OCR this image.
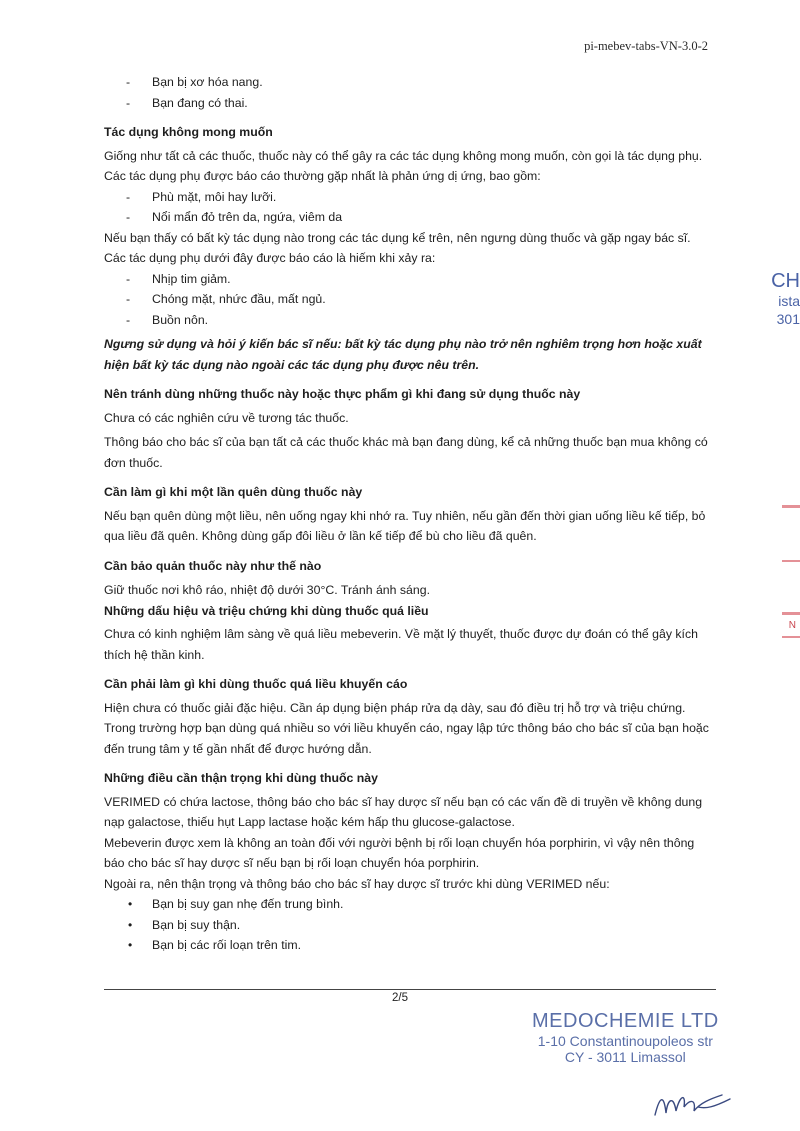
pi-mebev-tabs-VN-3.0-2
- Bạn bị xơ hóa nang.
- Bạn đang có thai.

Tác dụng không mong muốn

Giống như tất cả các thuốc, thuốc này có thể gây ra các tác dụng không mong muốn, còn gọi là tác dụng phụ.

Các tác dụng phụ được báo cáo thường gặp nhất là phản ứng dị ứng, bao gồm:

- Phù mặt, môi hay lưỡi.
- Nổi mẩn đỏ trên da, ngứa, viêm da

Nếu bạn thấy có bất kỳ tác dụng nào trong các tác dụng kể trên, nên ngưng dùng thuốc và gặp ngay bác sĩ.

Các tác dụng phụ dưới đây được báo cáo là hiếm khi xảy ra:

- Nhịp tim giảm.
- Chóng mặt, nhức đầu, mất ngủ.
- Buồn nôn.

Ngưng sử dụng và hỏi ý kiến bác sĩ nếu: bất kỳ tác dụng phụ nào trở nên nghiêm trọng hơn hoặc xuất hiện bất kỳ tác dụng nào ngoài các tác dụng phụ được nêu trên.

Nên tránh dùng những thuốc này hoặc thực phẩm gì khi đang sử dụng thuốc này

Chưa có các nghiên cứu về tương tác thuốc.

Thông báo cho bác sĩ của bạn tất cả các thuốc khác mà bạn đang dùng, kể cả những thuốc bạn mua không có đơn thuốc.

Cần làm gì khi một lần quên dùng thuốc này

Nếu bạn quên dùng một liều, nên uống ngay khi nhớ ra. Tuy nhiên, nếu gần đến thời gian uống liều kế tiếp, bỏ qua liều đã quên. Không dùng gấp đôi liều ở lần kế tiếp để bù cho liều đã quên.

Cần bảo quản thuốc này như thế nào

Giữ thuốc nơi khô ráo, nhiệt độ dưới 30°C. Tránh ánh sáng.

Những dấu hiệu và triệu chứng khi dùng thuốc quá liều

Chưa có kinh nghiệm lâm sàng về quá liều mebeverin. Về mặt lý thuyết, thuốc được dự đoán có thể gây kích thích hệ thần kinh.

Cần phải làm gì khi dùng thuốc quá liều khuyến cáo

Hiện chưa có thuốc giải đặc hiệu. Cần áp dụng biện pháp rửa dạ dày, sau đó điều trị hỗ trợ và triệu chứng.

Trong trường hợp bạn dùng quá nhiều so với liều khuyến cáo, ngay lập tức thông báo cho bác sĩ của bạn hoặc đến trung tâm y tế gần nhất để được hướng dẫn.

Những điều cần thận trọng khi dùng thuốc này

VERIMED có chứa lactose, thông báo cho bác sĩ hay dược sĩ nếu bạn có các vấn đề di truyền về không dung nạp galactose, thiếu hụt Lapp lactase hoặc kém hấp thu glucose-galactose.

Mebeverin được xem là không an toàn đối với người bệnh bị rối loạn chuyển hóa porphirin, vì vậy nên thông báo cho bác sĩ hay dược sĩ nếu bạn bị rối loạn chuyển hóa porphirin.

Ngoài ra, nên thận trọng và thông báo cho bác sĩ hay dược sĩ trước khi dùng VERIMED nếu:

• Bạn bị suy gan nhẹ đến trung bình.
• Bạn bị suy thận.
• Bạn bị các rối loạn trên tim.
2/5
CH
ista
301
N
MEDOCHEMIE LTD
1-10 Constantinoupoleos str
CY - 3011 Limassol
